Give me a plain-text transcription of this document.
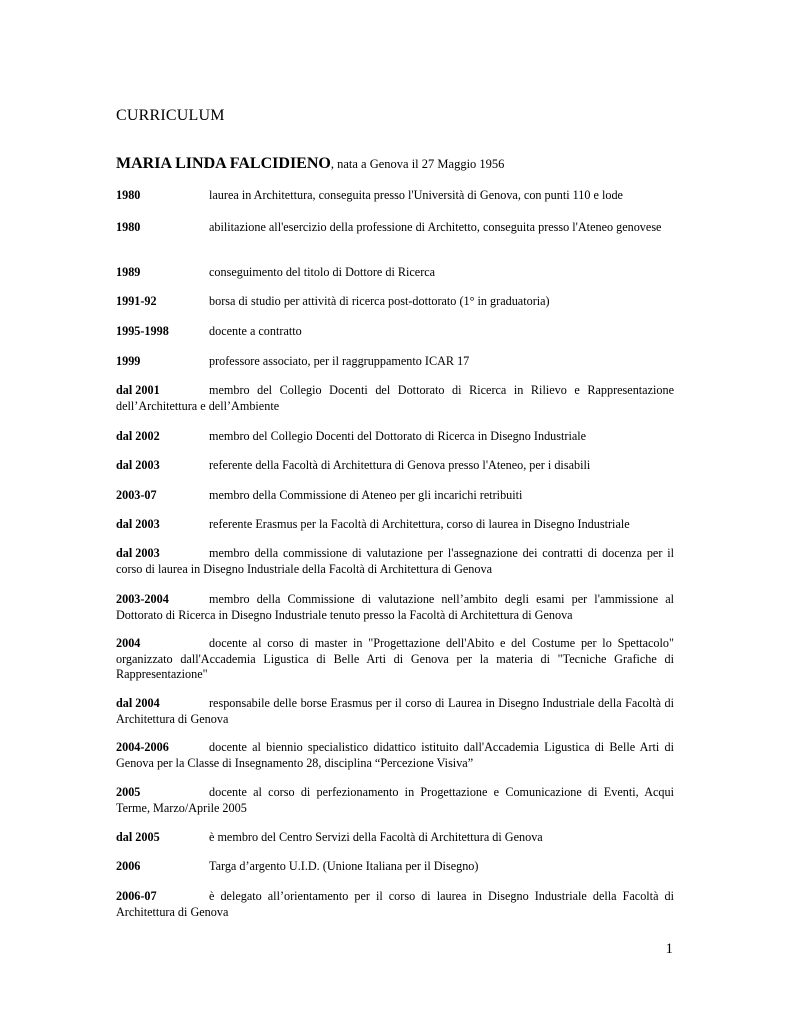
CURRICULUM

MARIA LINDA FALCIDIENO, nata a Genova il 27 Maggio 1956

1980	laurea in Architettura, conseguita presso l'Università di Genova, con punti 110 e lode

1980	abilitazione all'esercizio della professione di Architetto, conseguita presso l'Ateneo genovese

1989	conseguimento del titolo di Dottore di Ricerca

1991-92	borsa di studio per attività di ricerca post-dottorato (1° in graduatoria)

1995-1998	docente a contratto

1999	professore associato, per il raggruppamento ICAR 17

dal 2001	membro del Collegio Docenti del Dottorato di Ricerca in Rilievo e Rappresentazione dell’Architettura e dell’Ambiente

dal 2002	membro del Collegio Docenti del Dottorato di Ricerca in Disegno Industriale

dal 2003	referente della Facoltà di Architettura di Genova presso l'Ateneo, per i disabili

2003-07	membro della Commissione di Ateneo per gli incarichi retribuiti

dal 2003	referente Erasmus per la Facoltà di Architettura, corso di laurea in Disegno Industriale

dal 2003	membro della commissione di valutazione per l'assegnazione dei contratti di docenza per il corso di laurea in Disegno Industriale della Facoltà di Architettura di Genova

2003-2004	membro della Commissione di valutazione nell’ambito degli esami per l'ammissione al Dottorato di Ricerca in Disegno Industriale tenuto presso la Facoltà di Architettura di Genova

2004	docente al corso di master in "Progettazione dell'Abito e del Costume per lo Spettacolo" organizzato dall'Accademia Ligustica di Belle Arti di Genova per la materia di "Tecniche Grafiche di Rappresentazione"

dal 2004	responsabile delle borse Erasmus per il corso di Laurea in Disegno Industriale della Facoltà di Architettura di Genova

2004-2006	docente al biennio specialistico didattico istituito dall'Accademia Ligustica di Belle Arti di Genova per la Classe di Insegnamento 28, disciplina “Percezione Visiva”

2005	docente al corso di perfezionamento in Progettazione e Comunicazione di Eventi, Acqui Terme, Marzo/Aprile 2005

dal 2005	è membro del Centro Servizi della Facoltà di Architettura di Genova

2006	Targa d’argento U.I.D. (Unione Italiana per il Disegno)

2006-07	è delegato all’orientamento per il corso di laurea in Disegno Industriale della Facoltà di Architettura di Genova

1
